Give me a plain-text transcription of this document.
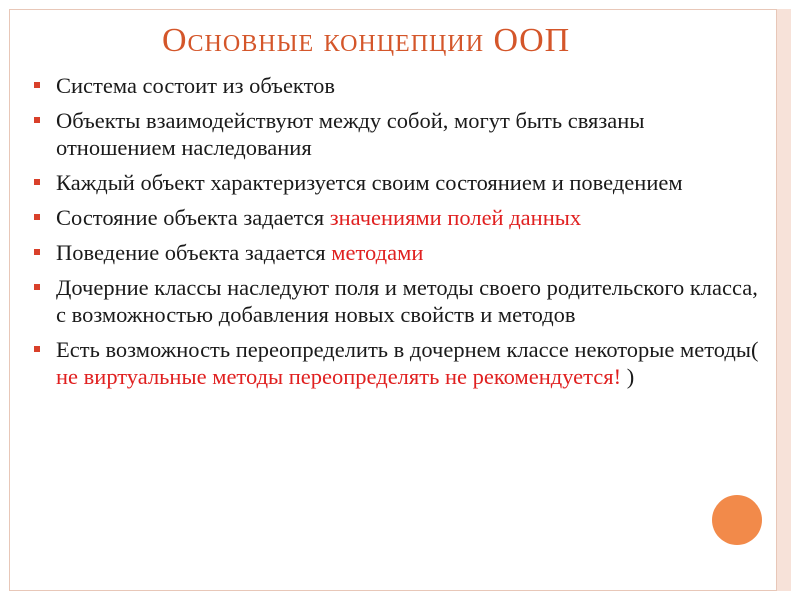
Основные концепции ООП
Система состоит из объектов
Объекты взаимодействуют между собой, могут быть связаны отношением наследования
Каждый объект характеризуется своим состоянием и поведением
Состояние объекта задается значениями полей данных
Поведение объекта задается методами
Дочерние классы наследуют поля и методы своего родительского класса, с возможностью добавления новых свойств и методов
Есть возможность переопределить в дочернем классе некоторые методы( не виртуальные методы переопределять не рекомендуется! )
